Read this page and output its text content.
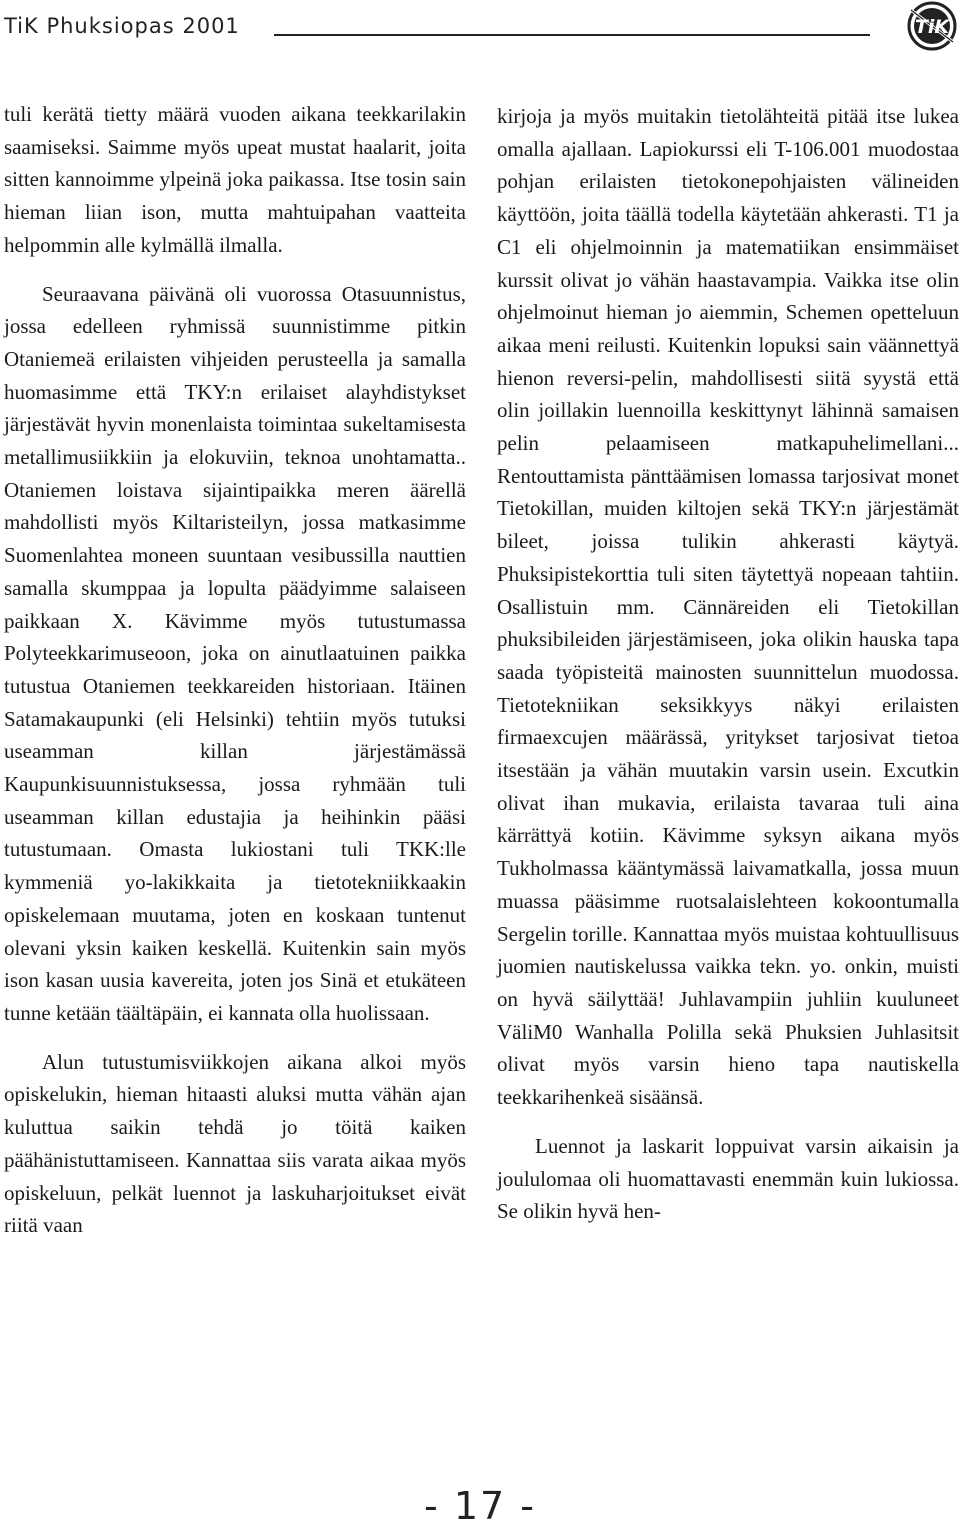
TiK Phuksiopas 2001	TiK

tuli kerätä tietty määrä vuoden aikana teekkarilakin saamiseksi. Saimme myös upeat mustat haalarit, joita sitten kannoimme ylpeinä joka paikassa. Itse tosin sain hieman liian ison, mutta mahtuipahan vaatteita helpommin alle kylmällä ilmalla.

Seuraavana päivänä oli vuorossa Otasuunnistus, jossa edelleen ryhmissä suunnistimme pitkin Otaniemeä erilaisten vihjeiden perusteella ja samalla huomasimme että TKY:n erilaiset alayhdistykset järjestävät hyvin monenlaista toimintaa sukeltamisesta metallimusiikkiin ja elokuviin, teknoa unohtamatta.. Otaniemen loistava sijaintipaikka meren äärellä mahdollisti myös Kiltaristeilyn, jossa matkasimme Suomenlahtea moneen suuntaan vesibussilla nauttien samalla skumppaa ja lopulta päädyimme salaiseen paikkaan X. Kävimme myös tutustumassa Polyteekkarimuseoon, joka on ainutlaatuinen paikka tutustua Otaniemen teekkareiden historiaan. Itäinen Satamakaupunki (eli Helsinki) tehtiin myös tutuksi useamman killan järjestämässä Kaupunkisuunnistuksessa, jossa ryhmään tuli useamman killan edustajia ja heihinkin pääsi tutustumaan. Omasta lukiostani tuli TKK:lle kymmeniä yo-lakikkaita ja tietotekniikkaakin opiskelemaan muutama, joten en koskaan tuntenut olevani yksin kaiken keskellä. Kuitenkin sain myös ison kasan uusia kavereita, joten jos Sinä et etukäteen tunne ketään täältäpäin, ei kannata olla huolissaan.

Alun tutustumisviikkojen aikana alkoi myös opiskelukin, hieman hitaasti aluksi mutta vähän ajan kuluttua saikin tehdä jo töitä kaiken päähänistuttamiseen. Kannattaa siis varata aikaa myös opiskeluun, pelkät luennot ja laskuharjoitukset eivät riitä vaan

kirjoja ja myös muitakin tietolähteitä pitää itse lukea omalla ajallaan. Lapiokurssi eli T-106.001 muodostaa pohjan erilaisten tietokonepohjaisten välineiden käyttöön, joita täällä todella käytetään ahkerasti. T1 ja C1 eli ohjelmoinnin ja matematiikan ensimmäiset kurssit olivat jo vähän haastavampia. Vaikka itse olin ohjelmoinut hieman jo aiemmin, Schemen opetteluun aikaa meni reilusti. Kuitenkin lopuksi sain väännettyä hienon reversi-pelin, mahdollisesti siitä syystä että olin joillakin luennoilla keskittynyt lähinnä samaisen pelin pelaamiseen matkapuhelimellani... Rentouttamista pänttäämisen lomassa tarjosivat monet Tietokillan, muiden kiltojen sekä TKY:n järjestämät bileet, joissa tulikin ahkerasti käytyä. Phuksipistekorttia tuli siten täytettyä nopeaan tahtiin. Osallistuin mm. Cännäreiden eli Tietokillan phuksibileiden järjestämiseen, joka olikin hauska tapa saada työpisteitä mainosten suunnittelun muodossa. Tietotekniikan seksikkyys näkyi erilaisten firmaexcujen määrässä, yritykset tarjosivat tietoa itsestään ja vähän muutakin varsin usein. Excutkin olivat ihan mukavia, erilaista tavaraa tuli aina kärrättyä kotiin. Kävimme syksyn aikana myös Tukholmassa kääntymässä laivamatkalla, jossa muun muassa pääsimme ruotsalaislehteen kokoontumalla Sergelin torille. Kannattaa myös muistaa kohtuullisuus juomien nautiskelussa vaikka tekn. yo. onkin, muisti on hyvä säilyttää! Juhlavampiin juhliin kuuluneet VäliM0 Wanhalla Polilla sekä Phuksien Juhlasitsit olivat myös varsin hieno tapa nautiskella teekkarihenkeä sisäänsä.

Luennot ja laskarit loppuivat varsin aikaisin ja joululomaa oli huomattavasti enemmän kuin lukiossa. Se olikin hyvä hen-

- 17 -
